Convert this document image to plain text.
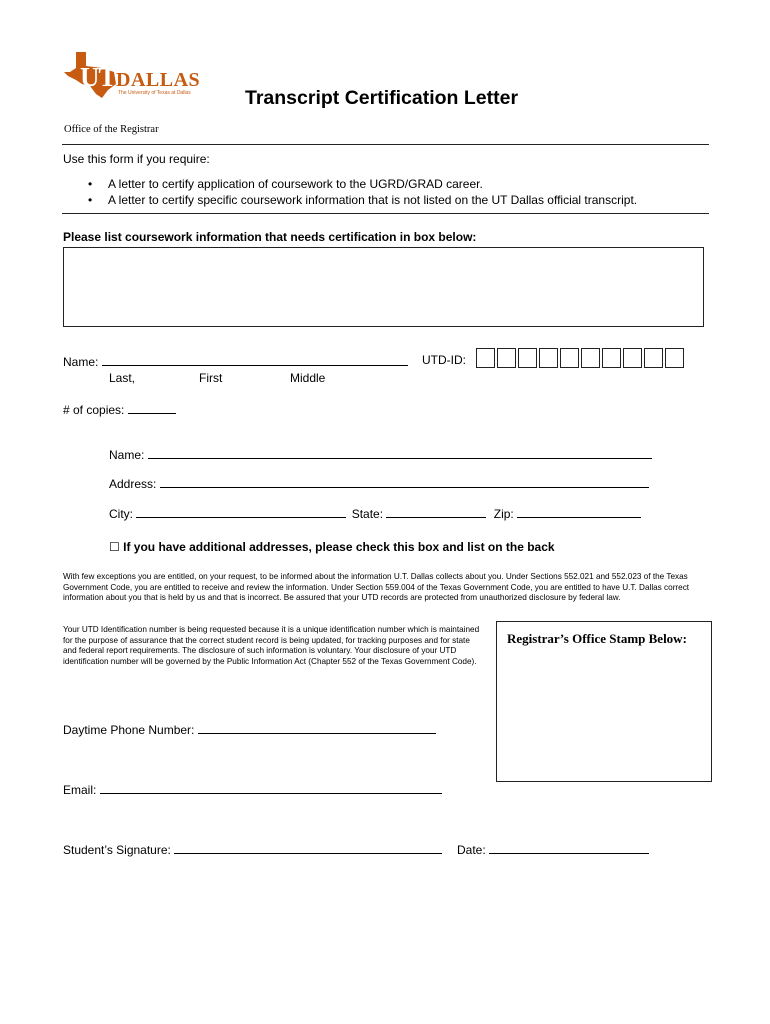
UT DALLAS
The University of Texas at Dallas	Transcript Certification Letter
Office of the Registrar
Use this form if you require:
• A letter to certify application of coursework to the UGRD/GRAD career.
• A letter to certify specific coursework information that is not listed on the UT Dallas official transcript.
Please list coursework information that needs certification in box below:
Name:	UTD-ID:
Last,	First	Middle
# of copies:
Name:
Address:
City:	State:	Zip:
☐ If you have additional addresses, please check this box and list on the back
With few exceptions you are entitled, on your request, to be informed about the information U.T. Dallas collects about you. Under Sections 552.021 and 552.023 of the Texas Government Code, you are entitled to receive and review the information. Under Section 559.004 of the Texas Government Code, you are entitled to have U.T. Dallas correct information about you that is held by us and that is incorrect. Be assured that your UTD records are protected from unauthorized disclosure by federal law.
Your UTD Identification number is being requested because it is a unique identification number which is maintained for the purpose of assurance that the correct student record is being updated, for tracking purposes and for state and federal report requirements. The disclosure of such information is voluntary. Your disclosure of your UTD identification number will be governed by the Public Information Act (Chapter 552 of the Texas Government Code).
Registrar’s Office Stamp Below:
Daytime Phone Number:
Email:
Student’s Signature:	Date:
